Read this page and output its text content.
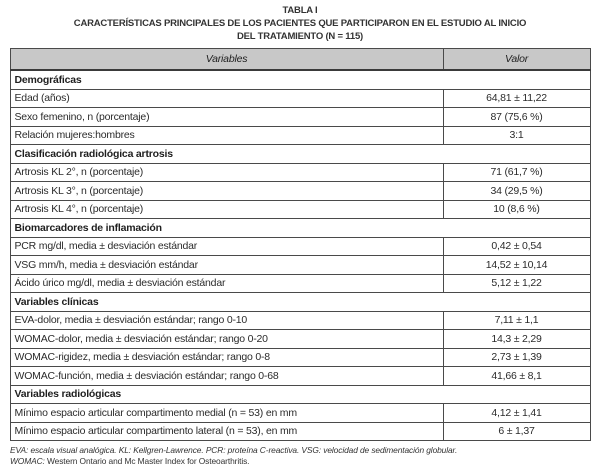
TABLA I

CARACTERÍSTICAS PRINCIPALES DE LOS PACIENTES QUE PARTICIPARON EN EL ESTUDIO AL INICIO

DEL TRATAMIENTO (N = 115)

Variables	Valor
Demográficas	
Edad (años)	64,81 ± 11,22
Sexo femenino, n (porcentaje)	87 (75,6 %)
Relación mujeres:hombres	3:1
Clasificación radiológica artrosis	
Artrosis KL 2°, n (porcentaje)	71 (61,7 %)
Artrosis KL 3°, n (porcentaje)	34 (29,5 %)
Artrosis KL 4°, n (porcentaje)	10 (8,6 %)
Biomarcadores de inflamación	
PCR mg/dl, media ± desviación estándar	0,42 ± 0,54
VSG mm/h, media ± desviación estándar	14,52 ± 10,14
Ácido úrico mg/dl, media ± desviación estándar	5,12 ± 1,22
Variables clínicas	
EVA-dolor, media ± desviación estándar; rango 0-10	7,11 ± 1,1
WOMAC-dolor, media ± desviación estándar; rango 0-20	14,3 ± 2,29
WOMAC-rigidez, media ± desviación estándar; rango 0-8	2,73 ± 1,39
WOMAC-función, media ± desviación estándar; rango 0-68	41,66 ± 8,1
Variables radiológicas	
Mínimo espacio articular compartimento medial (n = 53) en mm	4,12 ± 1,41
Mínimo espacio articular compartimento lateral (n = 53), en mm	6 ± 1,37
EVA: escala visual analógica. KL: Kellgren-Lawrence. PCR: proteína C-reactiva. VSG: velocidad de sedimentación globular.
WOMAC: Western Ontario and Mc Master Index for Osteoarthritis.
